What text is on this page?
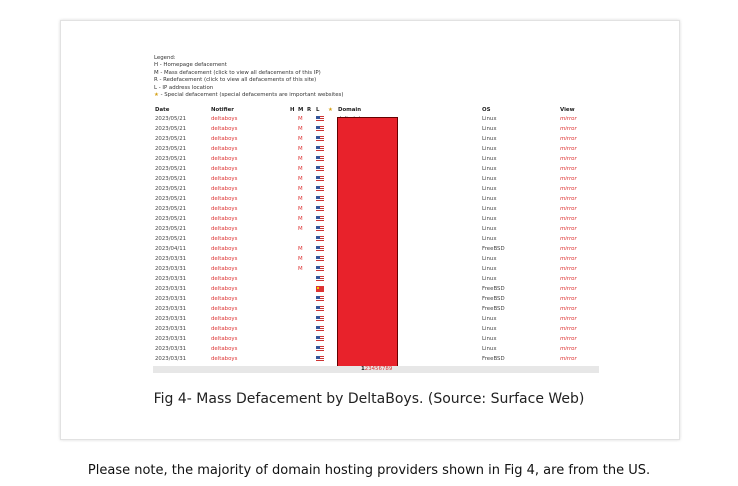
Legend:
H - Homepage defacement
M - Mass defacement (click to view all defacements of this IP)
R - Redefacement (click to view all defacements of this site)
L - IP address location
★ - Special defacement (special defacements are important websites)
Date	Notifier	H M R L ★ Domain	OS	View
2023/05/21	deltaboys	M	Linux	mirror
2023/05/21	deltaboys	M	Linux	mirror
2023/05/21	deltaboys	M	Linux	mirror
2023/05/21	deltaboys	M	Linux	mirror
2023/05/21	deltaboys	M	Linux	mirror
2023/05/21	deltaboys	M	Linux	mirror
2023/05/21	deltaboys	M	Linux	mirror
2023/05/21	deltaboys	M	Linux	mirror
2023/05/21	deltaboys	M	Linux	mirror
2023/05/21	deltaboys	M	Linux	mirror
2023/05/21	deltaboys	M	Linux	mirror
2023/05/21	deltaboys	M	Linux	mirror
2023/05/21	deltaboys	Linux	mirror
2023/04/11	deltaboys	M	FreeBSD	mirror
2023/03/31	deltaboys	M	Linux	mirror
2023/03/31	deltaboys	M	Linux	mirror
2023/03/31	deltaboys	Linux	mirror
2023/03/31	deltaboys	FreeBSD	mirror
2023/03/31	deltaboys	FreeBSD	mirror
2023/03/31	deltaboys	FreeBSD	mirror
2023/03/31	deltaboys	Linux	mirror
2023/03/31	deltaboys	Linux	mirror
2023/03/31	deltaboys	Linux	mirror
2023/03/31	deltaboys	Linux	mirror
2023/03/31	deltaboys	FreeBSD	mirror
123456789
Fig 4- Mass Defacement by DeltaBoys. (Source: Surface Web)
Please note, the majority of domain hosting providers shown in Fig 4, are from the US.
